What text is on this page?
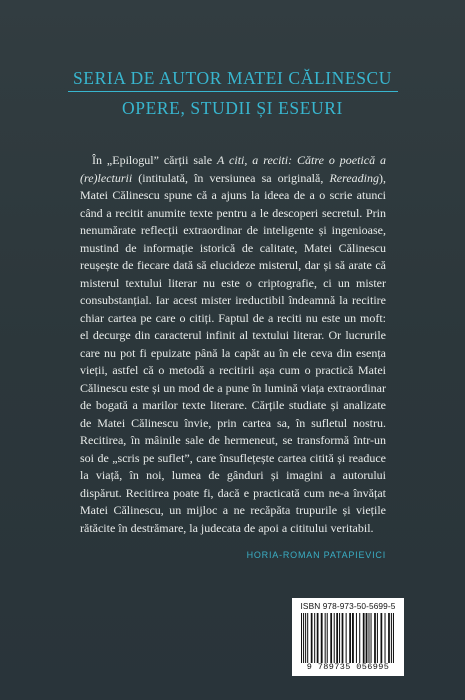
SERIA DE AUTOR MATEI CĂLINESCU
OPERE, STUDII ȘI ESEURI

În „Epilogul” cărții sale A citi, a reciti: Către o poetică a (re)lecturii (intitulată, în versiunea sa originală, Rereading), Matei Călinescu spune că a ajuns la ideea de a o scrie atunci când a recitit anumite texte pentru a le descoperi secretul. Prin nenumărate reflecții extraordinar de inteligente și ingenioase, mustind de informație istorică de calitate, Matei Călinescu reușește de fiecare dată să elucideze misterul, dar și să arate că misterul textului literar nu este o criptografie, ci un mister consubstanțial. Iar acest mister ireductibil îndeamnă la recitire chiar cartea pe care o citiți. Faptul de a reciti nu este un moft: el decurge din caracterul infinit al textului literar. Or lucrurile care nu pot fi epuizate până la capăt au în ele ceva din esența vieții, astfel că o metodă a recitirii așa cum o practică Matei Călinescu este și un mod de a pune în lumină viața extraordinar de bogată a marilor texte literare. Cărțile studiate și analizate de Matei Călinescu învie, prin cartea sa, în sufletul nostru. Recitirea, în mâinile sale de hermeneut, se transformă într-un soi de „scris pe suflet”, care însuflețește cartea citită și readuce la viață, în noi, lumea de gânduri și imagini a autorului dispărut. Recitirea poate fi, dacă e practicată cum ne-a învățat Matei Călinescu, un mijloc a ne recăpăta trupurile și viețile rătăcite în destrămare, la judecata de apoi a cititului veritabil.

HORIA-ROMAN PATAPIEVICI
ISBN 978-973-50-5699-5
9 789735 056995
